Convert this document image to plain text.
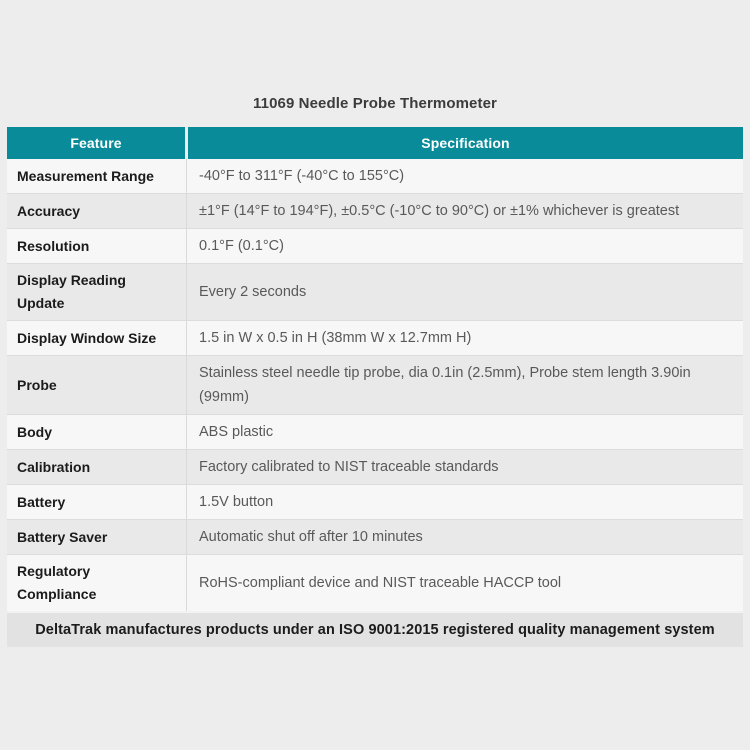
11069 Needle Probe Thermometer
Feature	Specification
Measurement Range	-40°F to 311°F (-40°C to 155°C)
Accuracy	±1°F (14°F to 194°F), ±0.5°C (-10°C to 90°C) or ±1% whichever is greatest
Resolution	0.1°F (0.1°C)
Display Reading Update	Every 2 seconds
Display Window Size	1.5 in W x 0.5 in H (38mm W x 12.7mm H)
Probe	Stainless steel needle tip probe, dia 0.1in (2.5mm), Probe stem length 3.90in (99mm)
Body	ABS plastic
Calibration	Factory calibrated to NIST traceable standards
Battery	1.5V button
Battery Saver	Automatic shut off after 10 minutes
Regulatory Compliance	RoHS-compliant device and NIST traceable HACCP tool
DeltaTrak manufactures products under an ISO 9001:2015 registered quality management system	
